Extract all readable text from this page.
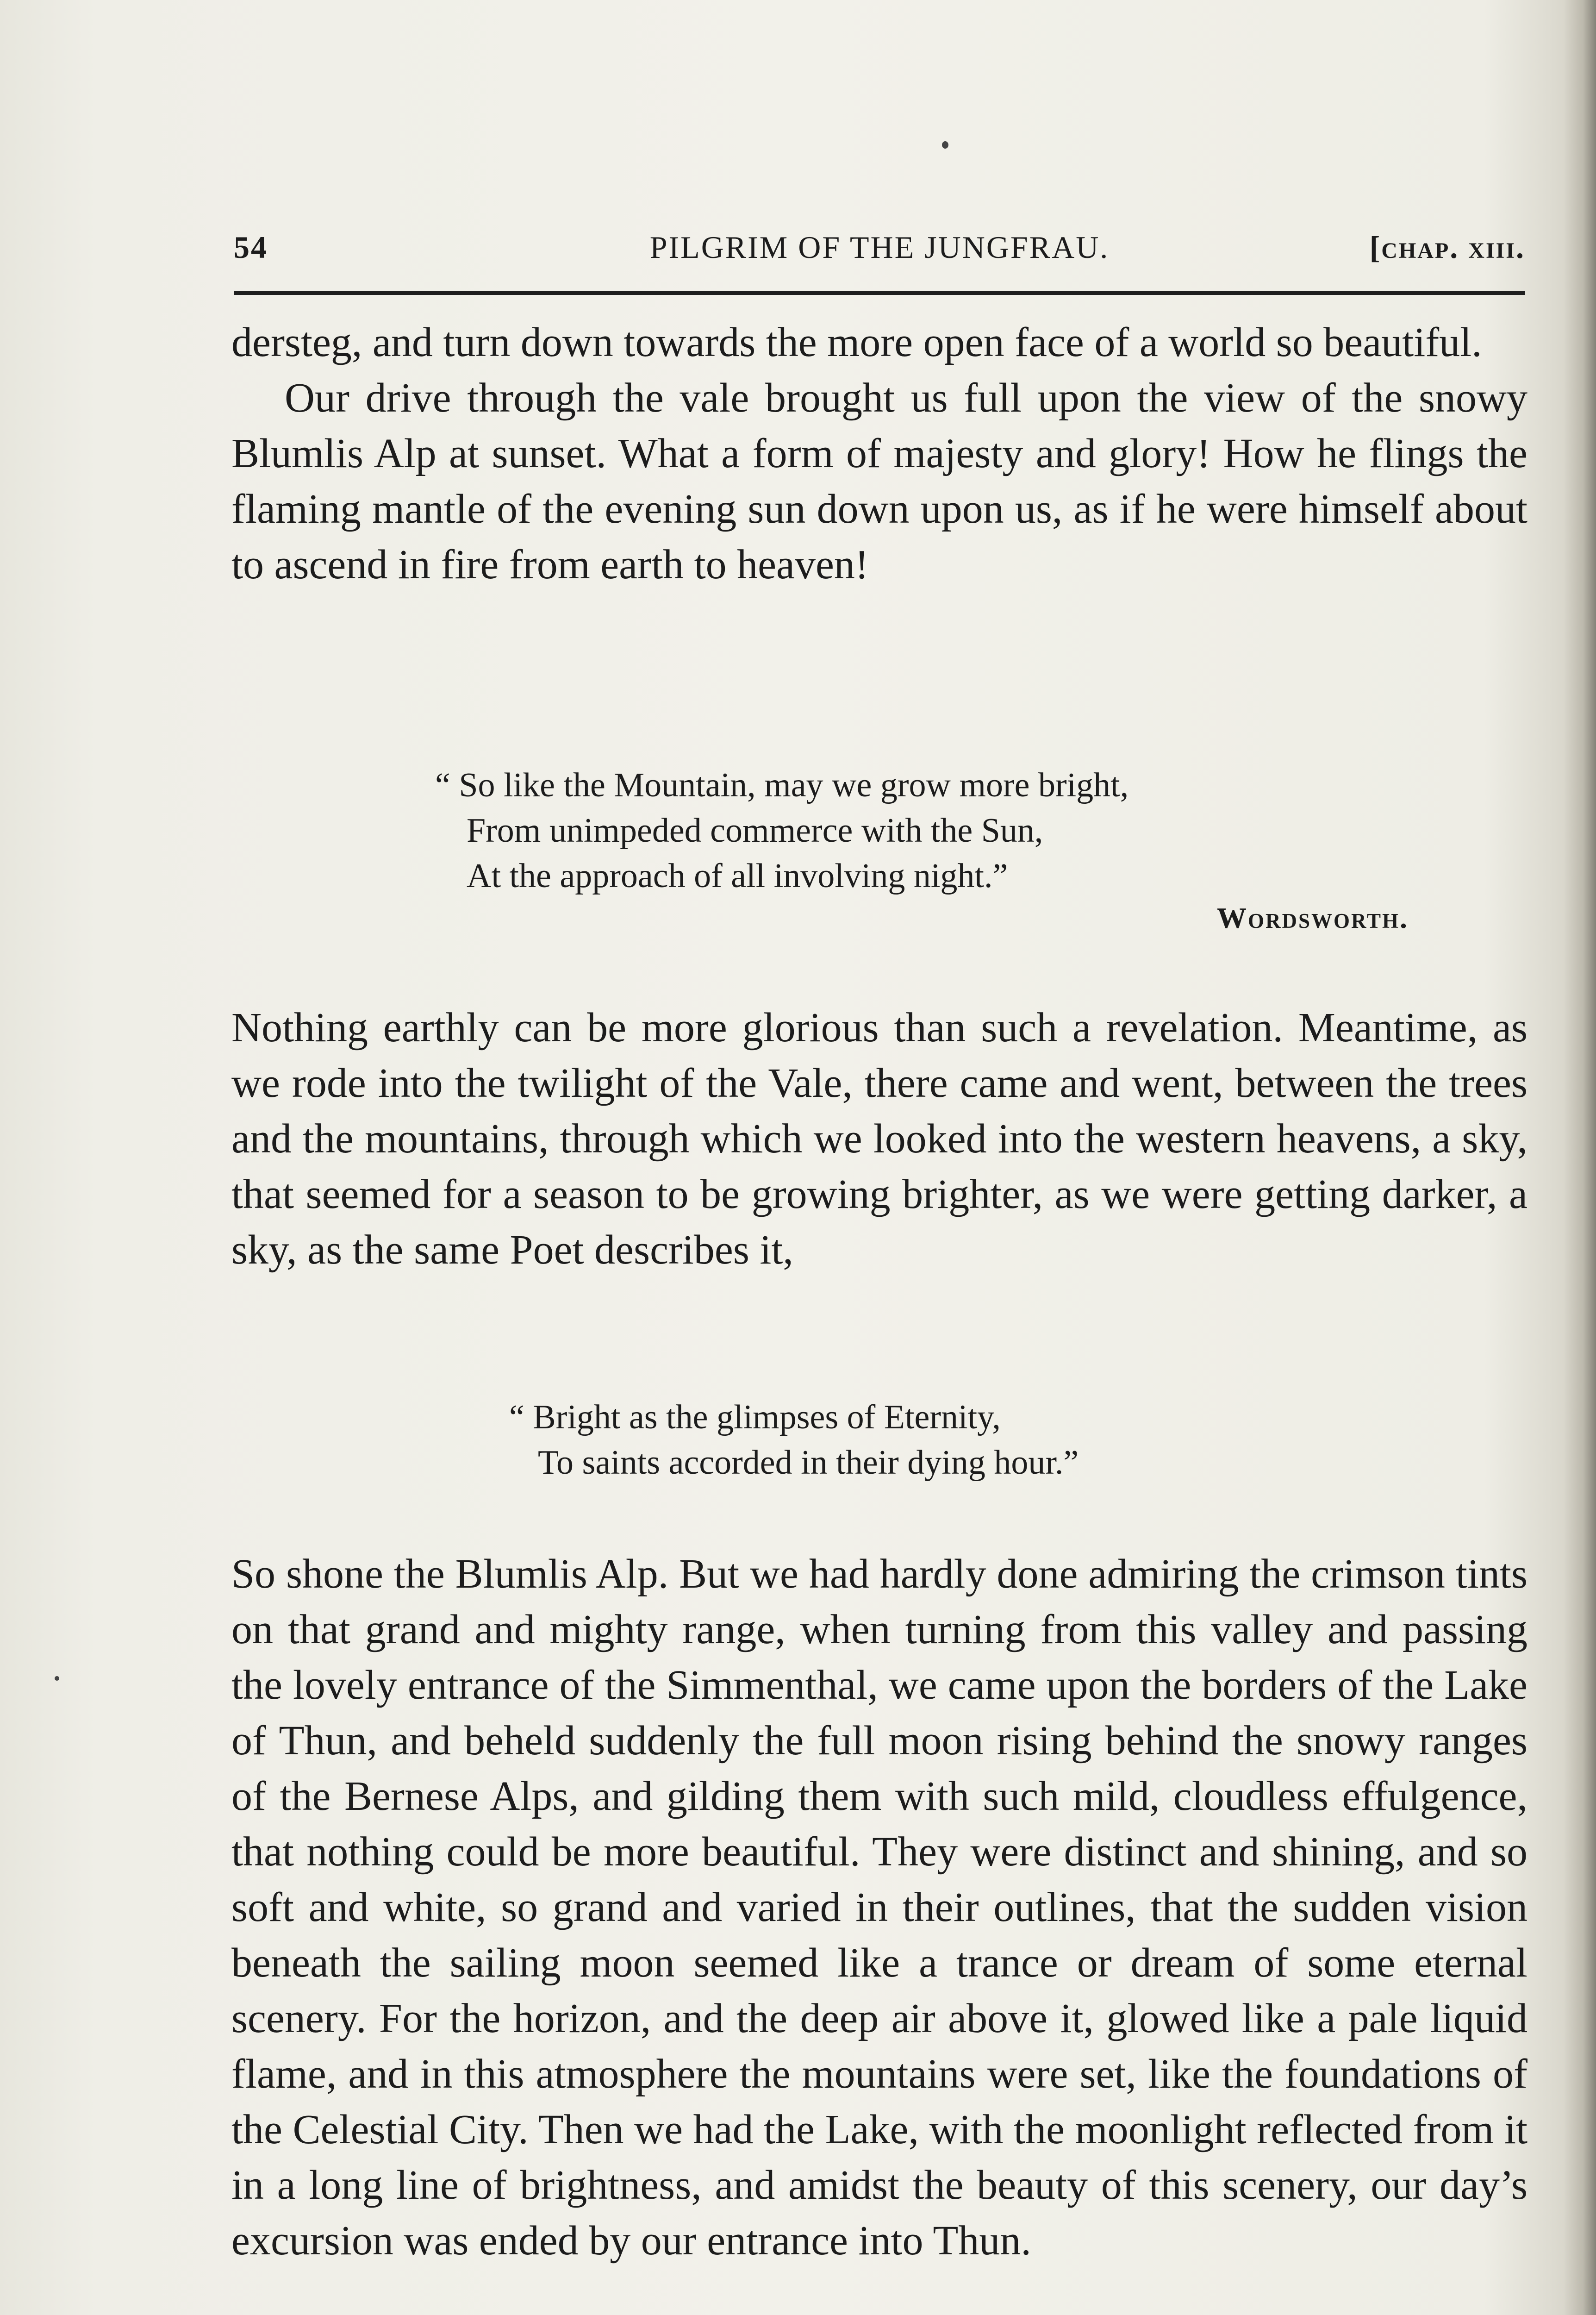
54	PILGRIM OF THE JUNGFRAU.	[chap. xiii.

dersteg, and turn down towards the more open face of a world so beautiful.

Our drive through the vale brought us full upon the view of the snowy Blumlis Alp at sunset. What a form of majesty and glory! How he flings the flaming mantle of the evening sun down upon us, as if he were himself about to ascend in fire from earth to heaven!

“ So like the Mountain, may we grow more bright,
From unimpeded commerce with the Sun,
At the approach of all involving night.”
Wordsworth.

Nothing earthly can be more glorious than such a revelation. Meantime, as we rode into the twilight of the Vale, there came and went, between the trees and the mountains, through which we looked into the western heavens, a sky, that seemed for a season to be growing brighter, as we were getting darker, a sky, as the same Poet describes it,

“ Bright as the glimpses of Eternity,
To saints accorded in their dying hour.”

So shone the Blumlis Alp. But we had hardly done admiring the crimson tints on that grand and mighty range, when turning from this valley and passing the lovely entrance of the Simmenthal, we came upon the borders of the Lake of Thun, and beheld suddenly the full moon rising behind the snowy ranges of the Bernese Alps, and gilding them with such mild, cloudless effulgence, that nothing could be more beautiful. They were distinct and shining, and so soft and white, so grand and varied in their outlines, that the sudden vision beneath the sailing moon seemed like a trance or dream of some eternal scenery. For the horizon, and the deep air above it, glowed like a pale liquid flame, and in this atmosphere the mountains were set, like the foundations of the Celestial City. Then we had the Lake, with the moonlight reflected from it in a long line of brightness, and amidst the beauty of this scenery, our day’s excursion was ended by our entrance into Thun.
